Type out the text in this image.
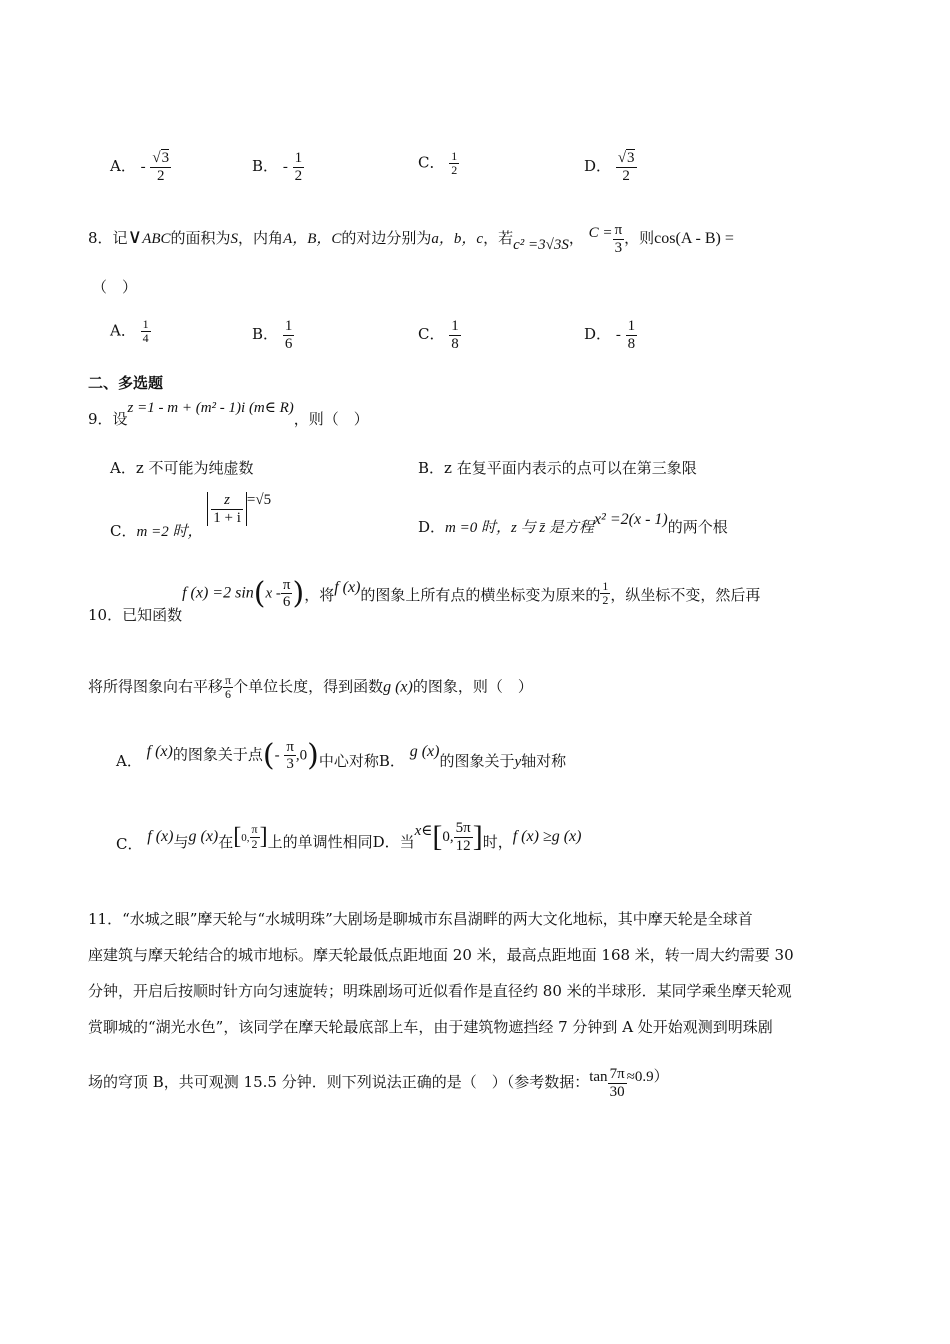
A． - $\frac{√3}{2}$	B． - $\frac{1}{2}$	C． $\frac{1}{2}$	D． $\frac{√3}{2}$
8．记∨ABC的面积为S，内角A，B，C的对边分别为a，b，c，若c² =3√3S， $C = \frac{\pi}{3}$ ，则cos(A - B) =
（　）
A． $\frac{1}{4}$	B． $\frac{1}{6}$	C． $\frac{1}{8}$	D． - $\frac{1}{8}$
二、多选题
9．设z =1 - m + (m² - 1)i (m∈ R)，则（　）
A．z 不可能为纯虚数	B．z 在复平面内表示的点可以在第三象限
C．m =2 时，
$\frac{z}{1 + i} =√5$
D．m =0 时，z 与 z̄ 是方程x² =2(x - 1)的两个根
10．已知函数f (x) =2 $\sin(x - \frac{\pi}{6}$ )，将f (x)的图象上所有点的横坐标变为原来的 $\frac{1}{2}$ ，纵坐标不变，然后再
将所得图象向右平移 $\frac{\pi}{6}$ 个单位长度，得到函数g (x)的图象，则（　）
A． f (x)的图象关于点(- $\frac{\pi}{3} ,0$)中心对称B． g (x)的图象关于y轴对称
C． f (x)与g (x)在[0, $\frac{\pi}{2}$ ]上的单调性相同D．当x∈[0, $\frac{5\pi}{12}$ ]时，f (x) ≥g (x)
11．“水城之眼”摩天轮与“水城明珠”大剧场是聊城市东昌湖畔的两大文化地标，其中摩天轮是全球首
座建筑与摩天轮结合的城市地标。摩天轮最低点距地面 20 米，最高点距地面 168 米，转一周大约需要 30
分钟，开启后按顺时针方向匀速旋转；明珠剧场可近似看作是直径约 80 米的半球形．某同学乘坐摩天轮观
赏聊城的“湖光水色”，该同学在摩天轮最底部上车，由于建筑物遮挡经 7 分钟到 A 处开始观测到明珠剧
场的穹顶 B，共可观测 15.5 分钟．则下列说法正确的是（　）（参考数据：$\tan \frac{7\pi}{30} \approx 0.9$）
